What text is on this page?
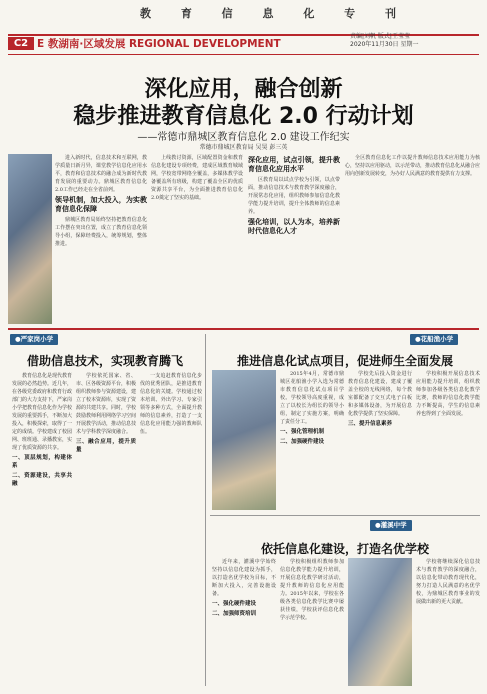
教 育 信 息 化 专 刊
C2 E 教湖南·区域发展 REGIONAL DEVELOPMENT
责编|刘帆 版式|王莹莹
2020年11月30日 星期一
深化应用，融合创新
稳步推进教育信息化 2.0 行动计划
——常德市鼎城区教育信息化 2.0 建设工作纪实
常德市鼎城区教育局 吴昊 彭三英

进入新时代，信息技术和互联网，教学质量日新月异，课堂教学信息化应用水平，教育和信息技术的融合成为新时代教育发展的重要动力。鼎城区教育信息化2.0工作已经走在全省前列。

领导机制，加大投入，为实教育信息化保障

鼎城区教育局始终坚持把教育信息化工作摆在突出位置，成立了教育信息化领导小组，保障经费投入，统筹规划，整体推进。

上线教讨资源，区域配置资金和教育信息化建设专项经费，建成区域教育城域网，学校宽带网络全覆盖，多媒体教学设备覆盖所有班级，构建了覆盖全区的优质资源共享平台，为全面推进教育信息化2.0奠定了坚实的基础。

深化应用，试点引领，提升教育信息化应用水平

区教育局以试点学校为引领，以点带面，推动信息技术与教育教学深度融合，开展常态化应用，组织教师参加信息化教学能力提升培训，提升全体教师的信息素养。

强化培训，以人为本，培养新时代信息化人才

全区教育信息化工作以提升教师信息技术应用能力为核心，坚持以应用驱动，以示范带动，推动教育信息化从融合应用向创新发展转变，为办好人民满意的教育提供有力支撑。

●严家岗小学
借助信息技术，实现教育腾飞

教育信息化是现代教育发展的必然趋势。近几年，在各级党委政府和教育行政部门的大力支持下，严家岗小学把教育信息化作为学校发展的重要抓手，不断加大投入，积极探索，取得了一定的成绩。学校建成了校园网、班班通、录播教室，实现了优质资源的共享。

一、顶层规划，构建体系
二、资源建设，共享共融

学校依托国家、省、市、区各级资源平台，积极组织教师参与资源建设，建立了校本资源库，实现了资源的共建共享。同时，学校鼓励教师利用网络学习空间开展教学活动，推动信息技术与学科教学深度融合。

三、融合应用，提升质量

一支追赶教育信息化步伐的优秀团队，是推进教育信息化的关键。学校通过校本培训、外出学习、专家引领等多种方式，全面提升教师的信息素养，打造了一支信息化应用能力强的教师队伍。

●花船渔小学
推进信息化试点项目，促进师生全面发展

2015年4月，常德市鼎城区花船渔小学入选为常德市教育信息化试点项目学校。学校领导高度重视，成立了以校长为组长的领导小组，制定了实施方案，明确了责任分工。

一、强化管理机制
二、加强硬件建设

学校先后投入资金进行教育信息化建设，建成了覆盖全校的无线网络，每个教室都配备了交互式电子白板和多媒体设备，为开展信息化教学提供了坚实保障。

三、提升信息素养

学校积极开展信息技术应用能力提升培训，组织教师参加各级各类信息化教学比赛，教师的信息化教学能力不断提高，学生的信息素养也得到了全面发展。

●灌溪中学
依托信息化建设，打造名优学校

近年来，灌溪中学始终坚持以信息化建设为抓手，以打造名优学校为目标，不断加大投入，完善设施设备。

一、强化硬件建设
二、加强师资培训

学校积极组织教师参加信息化教学能力提升培训，开展信息化教学研讨活动，提升教师的信息化应用能力。2015年以来，学校在各级各类信息化教学比赛中屡获佳绩，学校获评信息化教学示范学校。

学校将继续深化信息技术与教育教学的深度融合，以信息化带动教育现代化，努力打造人民满意的名优学校，为鼎城区教育事业的发展做出新的更大贡献。
